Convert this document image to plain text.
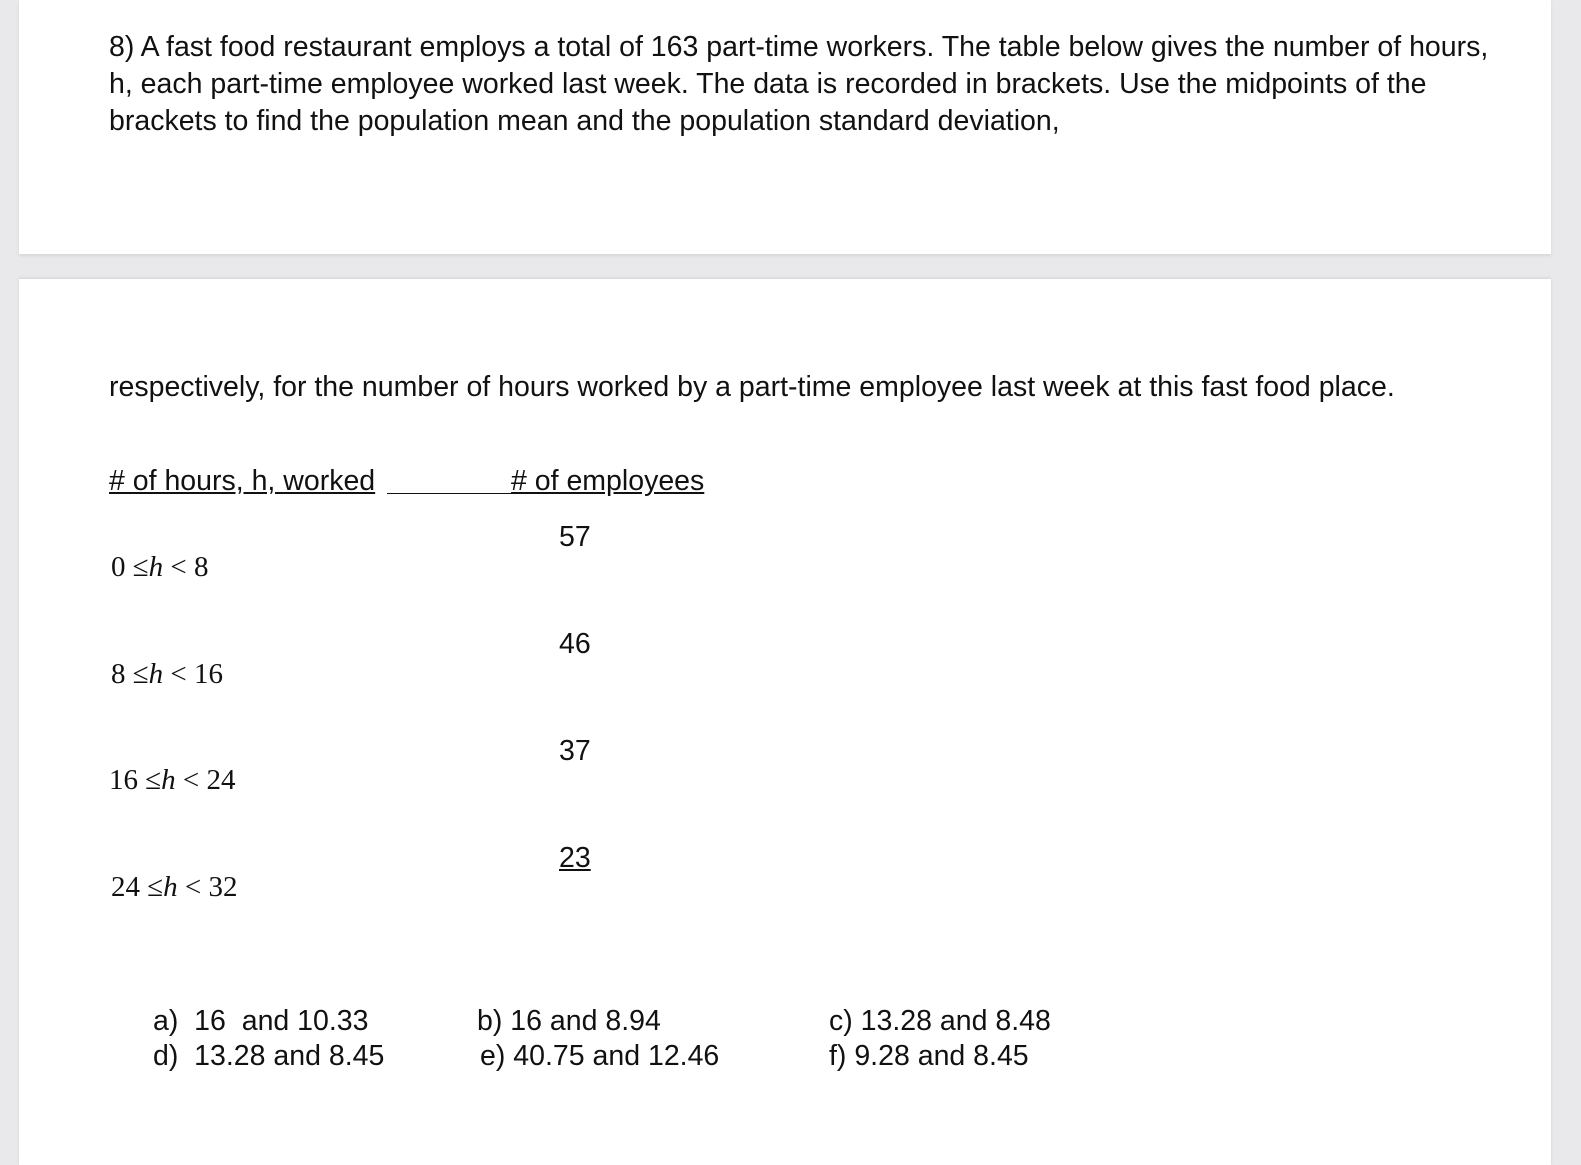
8) A fast food restaurant employs a total of 163 part-time workers. The table below gives the number of hours, h, each part-time employee worked last week. The data is recorded in brackets. Use the midpoints of the brackets to find the population mean and the population standard deviation,

respectively, for the number of hours worked by a part-time employee last week at this fast food place.

# of hours, h, worked	# of employees
57
0 ≤h < 8
46
8 ≤h < 16
37
16 ≤h < 24
23
24 ≤h < 32
a)  16  and 10.33
d)  13.28 and 8.45
b) 16 and 8.94
e) 40.75 and 12.46
c) 13.28 and 8.48
f) 9.28 and 8.45
